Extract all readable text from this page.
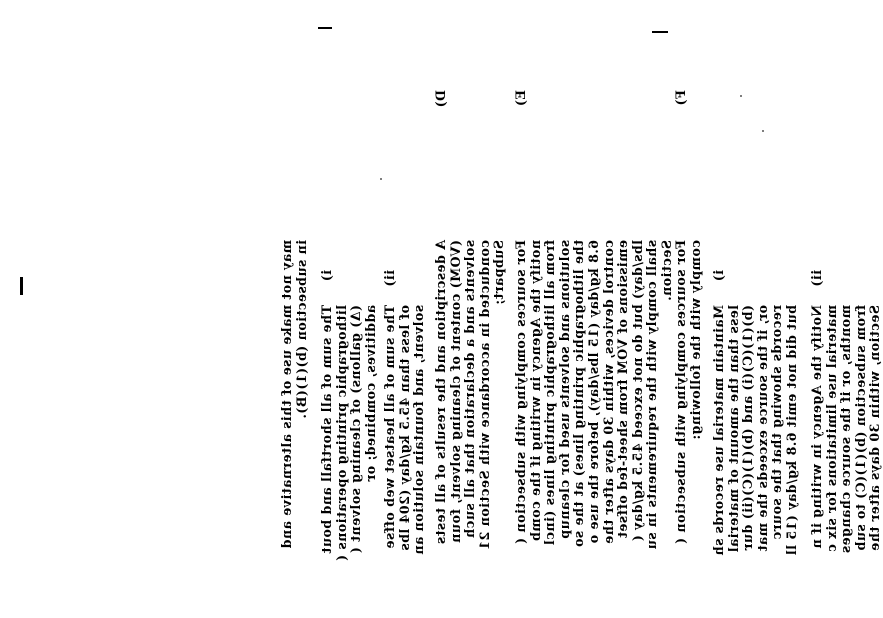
may not make use of this alternative and
in subsection (b)(1)(B).
i)
The sum of all shortfall and bout
lithographic printing operations (
(Δ) gallons) of cleaning solvent (
additives, combined; or
ii)
The sum of all heatset web offse
of less than 45.5 kg/day (204 lbs
solvent, and fountain solution an
D)
A description and the results of all tests
(VOM) content of cleaning solvent, foun
solvents and a declaration that all such
conducted in accordance with Section 21
Subpart;
E)
For sources complying with subsection (
notify the Agency in writing if the comb
from all lithographic printing lines (incl
solutions and solvents used for cleanup
the lithographic printing lines) at the so
6.8 kg/day (15 lbs/day), before the use o
control devices, within 30 days after the
emissions of VOM from sheet-fed offset
lbs/day) but do not exceed 45.5 kg/day (
shall comply with the requirements in su
Section.
F)
For sources complying with subsection (
comply with the following:
i)
Maintain material use records sh
less than the amount of material
(b)(1)(C)(i) and (b)(1)(C)(ii) dur
or, if the source exceeds the mat
records showing that the sourc
but did not emit 6.8 kg/day (15 ll
ii)
Notify the Agency in writing if n
material use limitations for six c
months, or if the source changes
from subsection (b)(1)(C) to sub
Section, within 30 days after the
